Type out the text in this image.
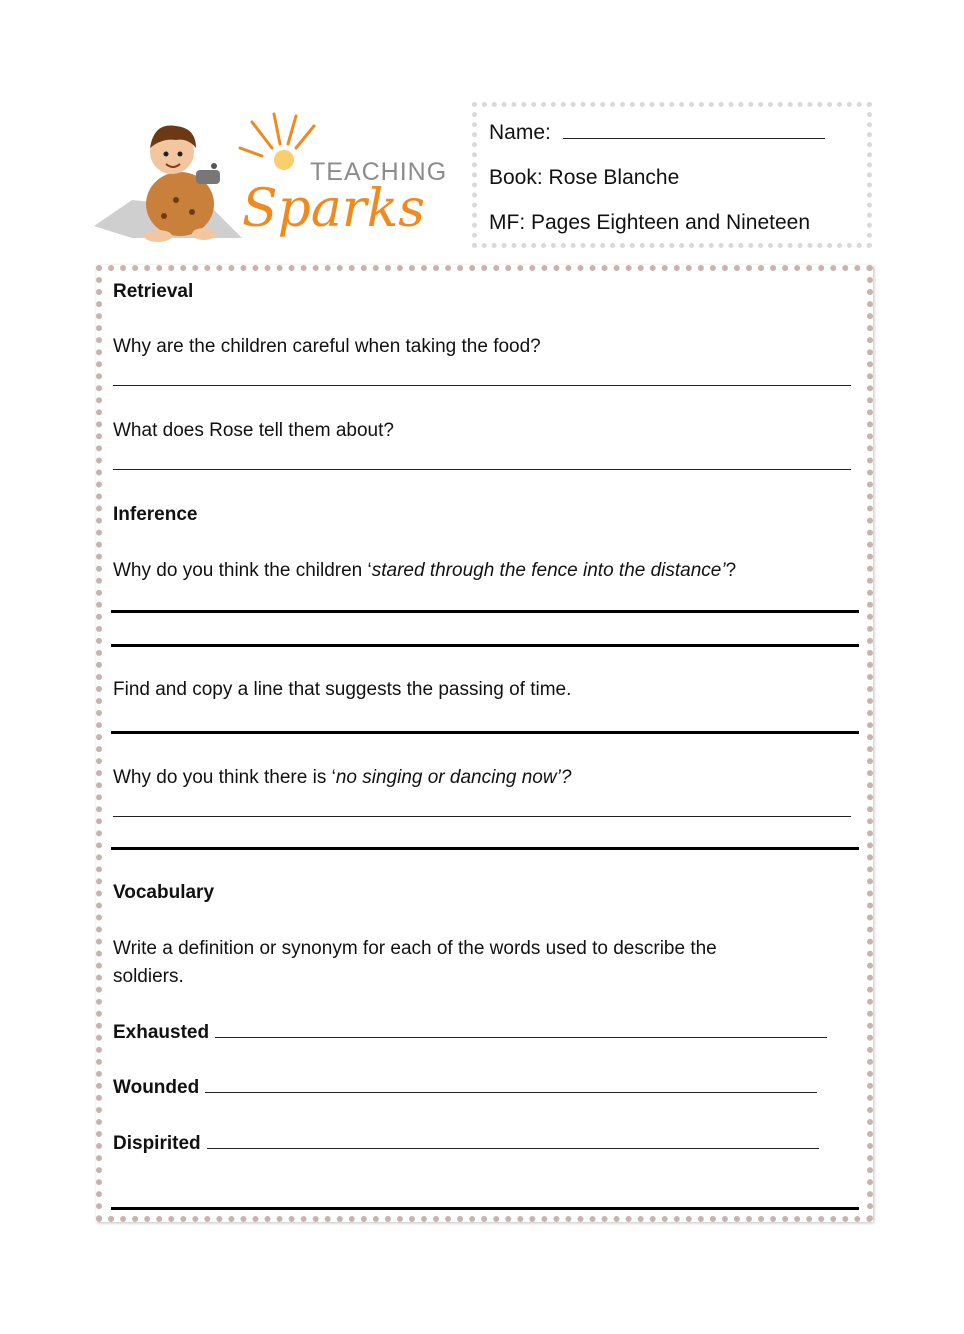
TEACHING
Sparks
Name:
Book: Rose Blanche
MF: Pages Eighteen and Nineteen
Retrieval
Why are the children careful when taking the food?
What does Rose tell them about?
Inference
Why do you think the children ‘stared through the fence into the distance’?
Find and copy a line that suggests the passing of time.
Why do you think there is ‘no singing or dancing now’?
Vocabulary
Write a definition or synonym for each of the words used to describe the
soldiers.
Exhausted
Wounded
Dispirited
